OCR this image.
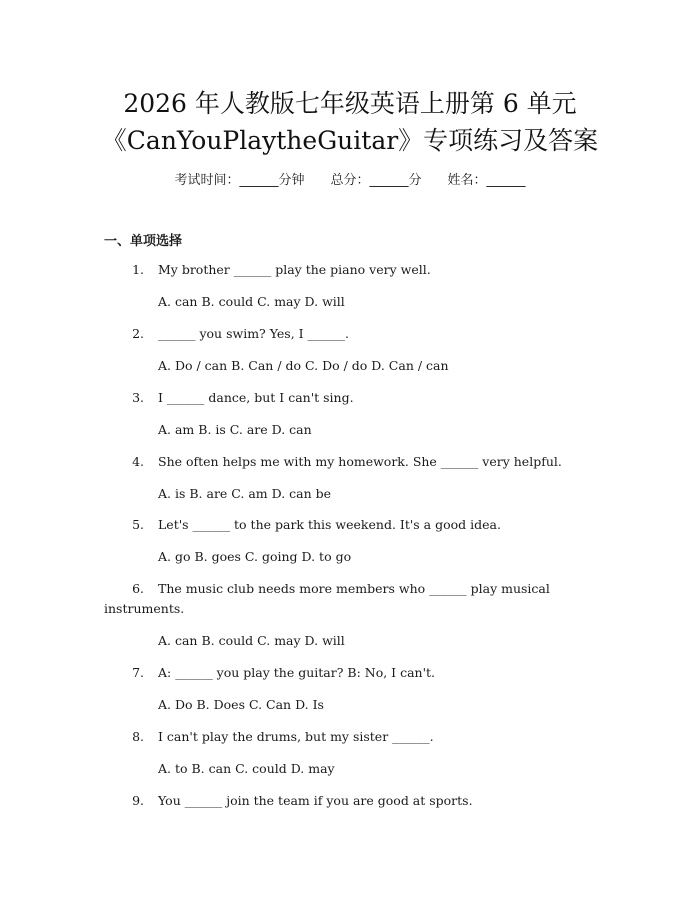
2026 年人教版七年级英语上册第 6 单元
《CanYouPlaytheGuitar》专项练习及答案
考试时间：______分钟 总分：______分 姓名：______
一、单项选择
1. My brother ______ play the piano very well.
A. can B. could C. may D. will
2. ______ you swim? Yes, I ______.
A. Do / can B. Can / do C. Do / do D. Can / can
3. I ______ dance, but I can't sing.
A. am B. is C. are D. can
4. She often helps me with my homework. She ______ very helpful.
A. is B. are C. am D. can be
5. Let's ______ to the park this weekend. It's a good idea.
A. go B. goes C. going D. to go
6. The music club needs more members who ______ play musical
instruments.
A. can B. could C. may D. will
7. A: ______ you play the guitar? B: No, I can't.
A. Do B. Does C. Can D. Is
8. I can't play the drums, but my sister ______.
A. to B. can C. could D. may
9. You ______ join the team if you are good at sports.
